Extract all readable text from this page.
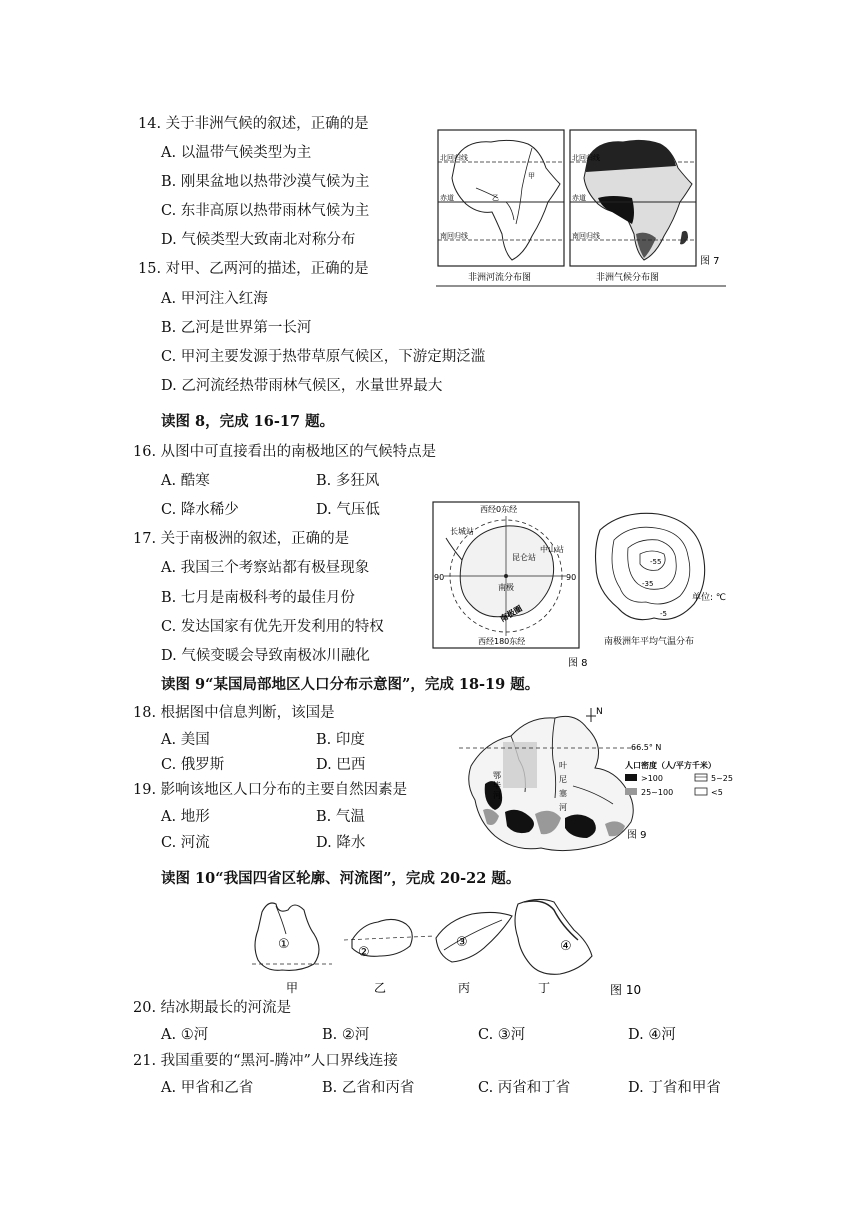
14. 关于非洲气候的叙述，正确的是
A. 以温带气候类型为主
B. 刚果盆地以热带沙漠气候为主
C. 东非高原以热带雨林气候为主
D. 气候类型大致南北对称分布
15. 对甲、乙两河的描述，正确的是
A. 甲河注入红海
B. 乙河是世界第一长河
C. 甲河主要发源于热带草原气候区，下游定期泛滥
D. 乙河流经热带雨林气候区，水量世界最大
读图 8，完成 16-17 题。
16. 从图中可直接看出的南极地区的气候特点是
A. 酷寒	B. 多狂风
C. 降水稀少	D. 气压低
17. 关于南极洲的叙述，正确的是
A. 我国三个考察站都有极昼现象
B. 七月是南极科考的最佳月份
C. 发达国家有优先开发利用的特权
D. 气候变暖会导致南极冰川融化
读图 9“某国局部地区人口分布示意图”，完成 18-19 题。
18. 根据图中信息判断，该国是
A. 美国	B. 印度
C. 俄罗斯	D. 巴西
19. 影响该地区人口分布的主要自然因素是
A. 地形	B. 气温
C. 河流	D. 降水
读图 10“我国四省区轮廓、河流图”，完成 20-22 题。
20. 结冰期最长的河流是
A. ①河	B. ②河	C. ③河	D. ④河
21. 我国重要的“黑河-腾冲”人口界线连接
A. 甲省和乙省	B. 乙省和丙省	C. 丙省和丁省	D. 丁省和甲省
北回归线
赤道
南回归线
甲
乙
非洲河流分布图
北回归线
赤道
南回归线
非洲气候分布图
图 7
西经0东经
西经180东经
90	90
南极
长城站
中山站
昆仑站
南极圈
-55
-35
-5
单位: ℃
南极洲年平均气温分布
图 8
鄂
毕
河
叶
尼
塞
河
N
66.5° N
人口密度（人/平方千米）
>100	5~25
25~100	<5
图 9
①
甲
②
乙
③
丙
④
丁	图 10
